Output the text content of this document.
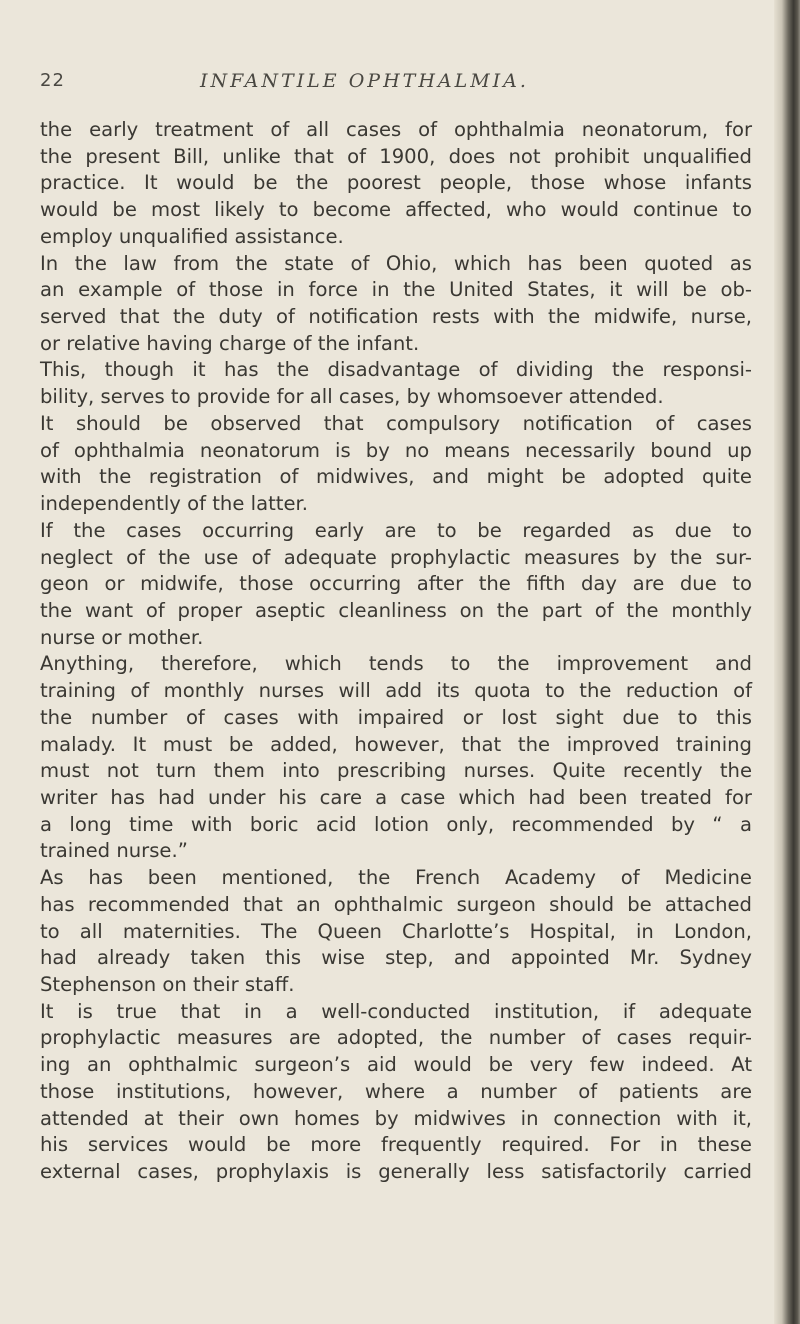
22	INFANTILE OPHTHALMIA.
the early treatment of all cases of ophthalmia neonatorum, for
the present Bill, unlike that of 1900, does not prohibit unqualified
practice. It would be the poorest people, those whose infants
would be most likely to become affected, who would continue to
employ unqualified assistance.
In the law from the state of Ohio, which has been quoted as
an example of those in force in the United States, it will be ob-
served that the duty of notification rests with the midwife, nurse,
or relative having charge of the infant.
This, though it has the disadvantage of dividing the responsi-
bility, serves to provide for all cases, by whomsoever attended.
It should be observed that compulsory notification of cases
of ophthalmia neonatorum is by no means necessarily bound up
with the registration of midwives, and might be adopted quite
independently of the latter.
If the cases occurring early are to be regarded as due to
neglect of the use of adequate prophylactic measures by the sur-
geon or midwife, those occurring after the fifth day are due to
the want of proper aseptic cleanliness on the part of the monthly
nurse or mother.
Anything, therefore, which tends to the improvement and
training of monthly nurses will add its quota to the reduction of
the number of cases with impaired or lost sight due to this
malady. It must be added, however, that the improved training
must not turn them into prescribing nurses. Quite recently the
writer has had under his care a case which had been treated for
a long time with boric acid lotion only, recommended by “ a
trained nurse.”
As has been mentioned, the French Academy of Medicine
has recommended that an ophthalmic surgeon should be attached
to all maternities. The Queen Charlotte’s Hospital, in London,
had already taken this wise step, and appointed Mr. Sydney
Stephenson on their staff.
It is true that in a well-conducted institution, if adequate
prophylactic measures are adopted, the number of cases requir-
ing an ophthalmic surgeon’s aid would be very few indeed. At
those institutions, however, where a number of patients are
attended at their own homes by midwives in connection with it,
his services would be more frequently required. For in these
external cases, prophylaxis is generally less satisfactorily carried
